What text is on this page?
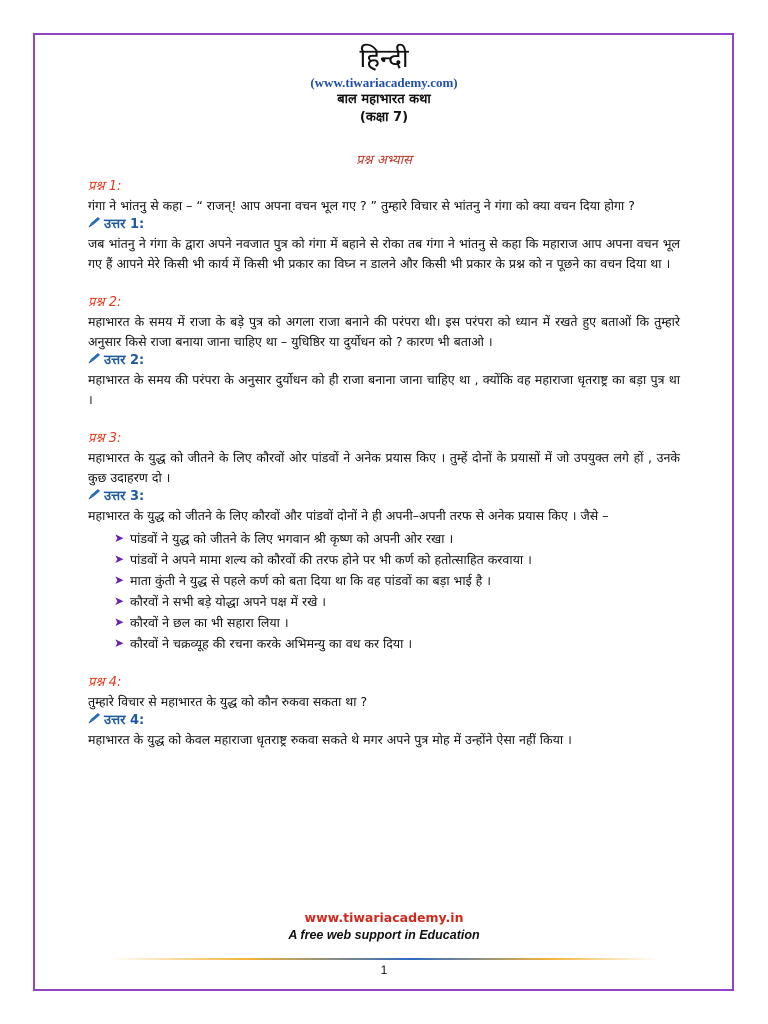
हिन्दी
(www.tiwariacademy.com)
बाल महाभारत कथा
(कक्षा 7)
प्रश्न अभ्यास
प्रश्न 1:
गंगा ने भांतनु से कहा – “ राजन्! आप अपना वचन भूल गए ? ” तुम्हारे विचार से भांतनु ने गंगा को क्या वचन दिया होगा ?
उत्तर 1:
जब भांतनु ने गंगा के द्वारा अपने नवजात पुत्र को गंगा में बहाने से रोका तब गंगा ने भांतनु से कहा कि महाराज आप अपना वचन भूल गए हैं आपने मेरे किसी भी कार्य में किसी भी प्रकार का विघ्न न डालने और किसी भी प्रकार के प्रश्न को न पूछने का वचन दिया था ।
प्रश्न 2:
महाभारत के समय में राजा के बड़े पुत्र को अगला राजा बनाने की परंपरा थी। इस परंपरा को ध्यान में रखते हुए बताओं कि तुम्हारे अनुसार किसे राजा बनाया जाना चाहिए था – युधिष्ठिर या दुर्योधन को ? कारण भी बताओ ।
उत्तर 2:
महाभारत के समय की परंपरा के अनुसार दुर्योधन को ही राजा बनाना जाना चाहिए था , क्योंकि वह महाराजा धृतराष्ट्र का बड़ा पुत्र था ।
प्रश्न 3:
महाभारत के युद्ध को जीतने के लिए कौरवों ओर पांडवों ने अनेक प्रयास किए । तुम्हें दोनों के प्रयासों में जो उपयुक्त लगे हों , उनके कुछ उदाहरण दो ।
उत्तर 3:
महाभारत के युद्ध को जीतने के लिए कौरवों और पांडवों दोनों ने ही अपनी–अपनी तरफ से अनेक प्रयास किए । जैसे –
➤ पांडवों ने युद्ध को जीतने के लिए भगवान श्री कृष्ण को अपनी ओर रखा ।
➤ पांडवों ने अपने मामा शल्य को कौरवों की तरफ होने पर भी कर्ण को हतोत्साहित करवाया ।
➤ माता कुंती ने युद्ध से पहले कर्ण को बता दिया था कि वह पांडवों का बड़ा भाई है ।
➤ कौरवों ने सभी बड़े योद्धा अपने पक्ष में रखे ।
➤ कौरवों ने छल का भी सहारा लिया ।
➤ कौरवों ने चक्रव्यूह की रचना करके अभिमन्यु का वध कर दिया ।
प्रश्न 4:
तुम्हारे विचार से महाभारत के युद्ध को कौन रुकवा सकता था ?
उत्तर 4:
महाभारत के युद्ध को केवल महाराजा धृतराष्ट्र रुकवा सकते थे मगर अपने पुत्र मोह में उन्होंने ऐसा नहीं किया ।
www.tiwariacademy.in
A free web support in Education
1
